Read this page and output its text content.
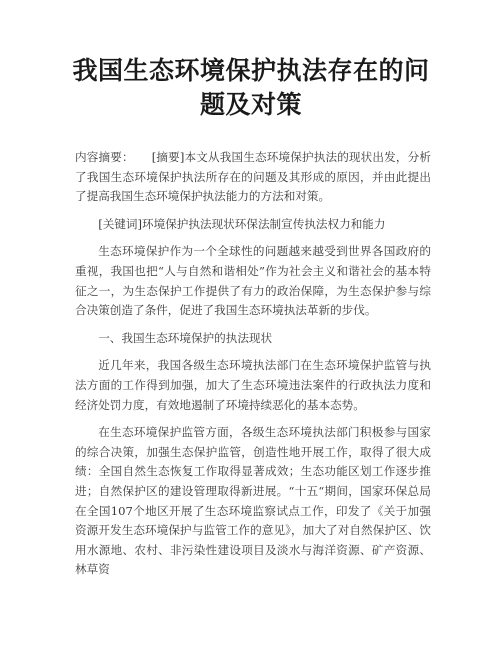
我国生态环境保护执法存在的问题及对策

内容摘要： [摘要]本文从我国生态环境保护执法的现状出发，分析了我国生态环境保护执法所存在的问题及其形成的原因，并由此提出了提高我国生态环境保护执法能力的方法和对策。

[关键词]环境保护执法现状环保法制宣传执法权力和能力

生态环境保护作为一个全球性的问题越来越受到世界各国政府的重视，我国也把“人与自然和谐相处”作为社会主义和谐社会的基本特征之一，为生态保护工作提供了有力的政治保障，为生态保护参与综合决策创造了条件，促进了我国生态环境执法革新的步伐。

一、我国生态环境保护的执法现状

近几年来，我国各级生态环境执法部门在生态环境保护监管与执法方面的工作得到加强，加大了生态环境违法案件的行政执法力度和经济处罚力度，有效地遏制了环境持续恶化的基本态势。

在生态环境保护监管方面，各级生态环境执法部门积极参与国家的综合决策，加强生态保护监管，创造性地开展工作，取得了很大成绩：全国自然生态恢复工作取得显著成效；生态功能区划工作逐步推进；自然保护区的建设管理取得新进展。“十五“期间，国家环保总局在全国107个地区开展了生态环境监察试点工作，印发了《关于加强资源开发生态环境保护与监管工作的意见》，加大了对自然保护区、饮用水源地、农村、非污染性建设项目及淡水与海洋资源、矿产资源、林草资
